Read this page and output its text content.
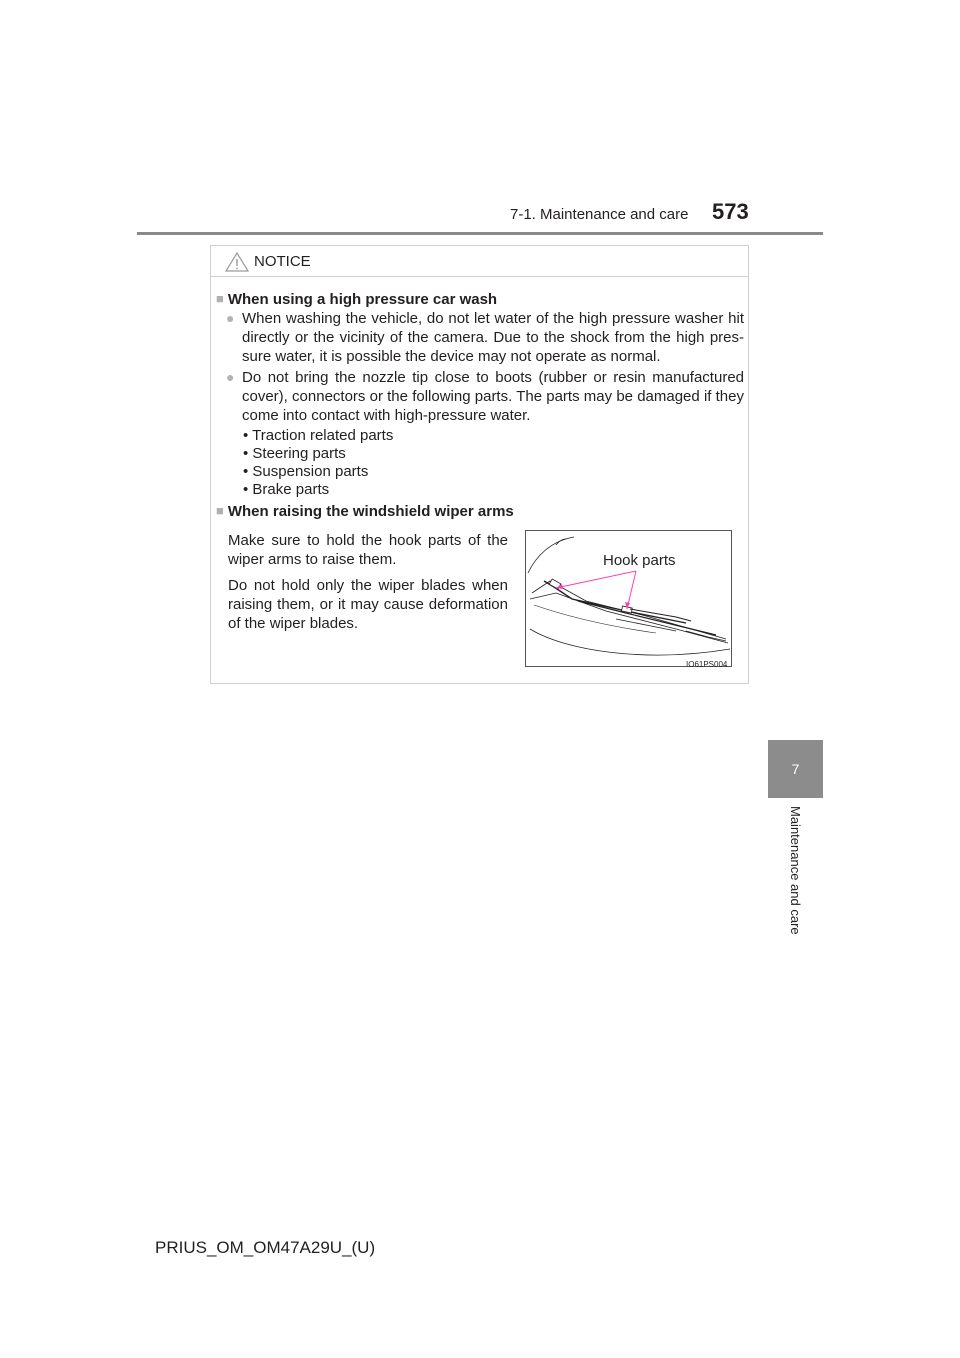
7-1. Maintenance and care 573
7
Maintenance and care
NOTICE
■ When using a high pressure car wash
● When washing the vehicle, do not let water of the high pressure washer hit directly or the vicinity of the camera. Due to the shock from the high pres-sure water, it is possible the device may not operate as normal.
● Do not bring the nozzle tip close to boots (rubber or resin manufactured cover), connectors or the following parts. The parts may be damaged if they come into contact with high-pressure water.
• Traction related parts
• Steering parts
• Suspension parts
• Brake parts
■ When raising the windshield wiper arms
Make sure to hold the hook parts of the wiper arms to raise them.
Do not hold only the wiper blades when raising them, or it may cause deformation of the wiper blades.
Hook parts
IO61PS004
PRIUS_OM_OM47A29U_(U)
